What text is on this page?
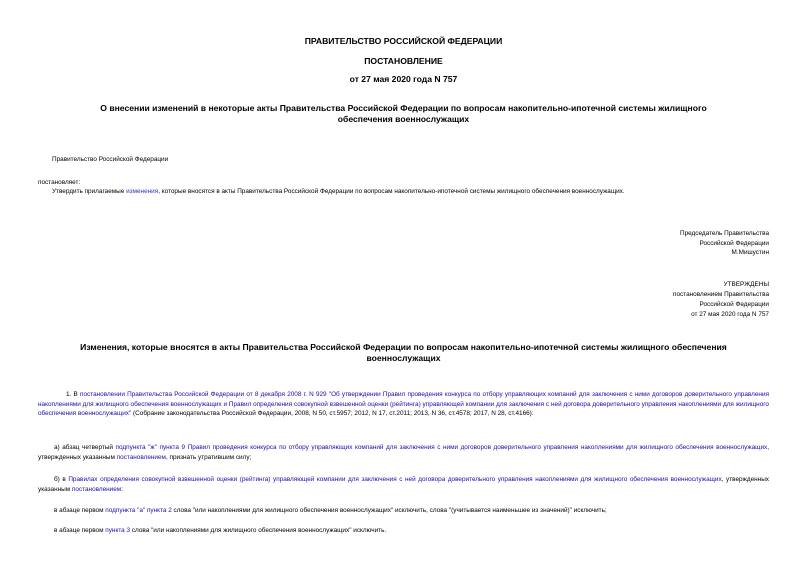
ПРАВИТЕЛЬСТВО РОССИЙСКОЙ ФЕДЕРАЦИИ
ПОСТАНОВЛЕНИЕ
от 27 мая 2020 года N 757
О внесении изменений в некоторые акты Правительства Российской Федерации по вопросам накопительно-ипотечной системы жилищного обеспечения военнослужащих
Правительство Российской Федерации
постановляет:
Утвердить прилагаемые изменения, которые вносятся в акты Правительства Российской Федерации по вопросам накопительно-ипотечной системы жилищного обеспечения военнослужащих.
Председатель Правительства
Российской Федерации
М.Мишустин
УТВЕРЖДЕНЫ
постановлением Правительства
Российской Федерации
от 27 мая 2020 года N 757
Изменения, которые вносятся в акты Правительства Российской Федерации по вопросам накопительно-ипотечной системы жилищного обеспечения военнослужащих
1. В постановлении Правительства Российской Федерации от 8 декабря 2008 г. N 929 "Об утверждении Правил проведения конкурса по отбору управляющих компаний для заключения с ними договоров доверительного управления накоплениями для жилищного обеспечения военнослужащих и Правил определения совокупной взвешенной оценки (рейтинга) управляющей компании для заключения с ней договора доверительного управления накоплениями для жилищного обеспечения военнослужащих" (Собрание законодательства Российской Федерации, 2008, N 50, ст.5957; 2012, N 17, ст.2011; 2013, N 36, ст.4578; 2017, N 28, ст.4166):
а) абзац четвертый подпункта "ж" пункта 9 Правил проведения конкурса по отбору управляющих компаний для заключения с ними договоров доверительного управления накоплениями для жилищного обеспечения военнослужащих, утвержденных указанным постановлением, признать утратившим силу;
б) в Правилах определения совокупной взвешенной оценки (рейтинга) управляющей компании для заключения с ней договора доверительного управления накоплениями для жилищного обеспечения военнослужащих, утвержденных указанным постановлением:
в абзаце первом подпункта "а" пункта 2 слова "или накоплениями для жилищного обеспечения военнослужащих" исключить, слова "(учитывается наименьшее из значений)" исключить;
в абзаце первом пункта 3 слова "или накоплениями для жилищного обеспечения военнослужащих" исключить.
